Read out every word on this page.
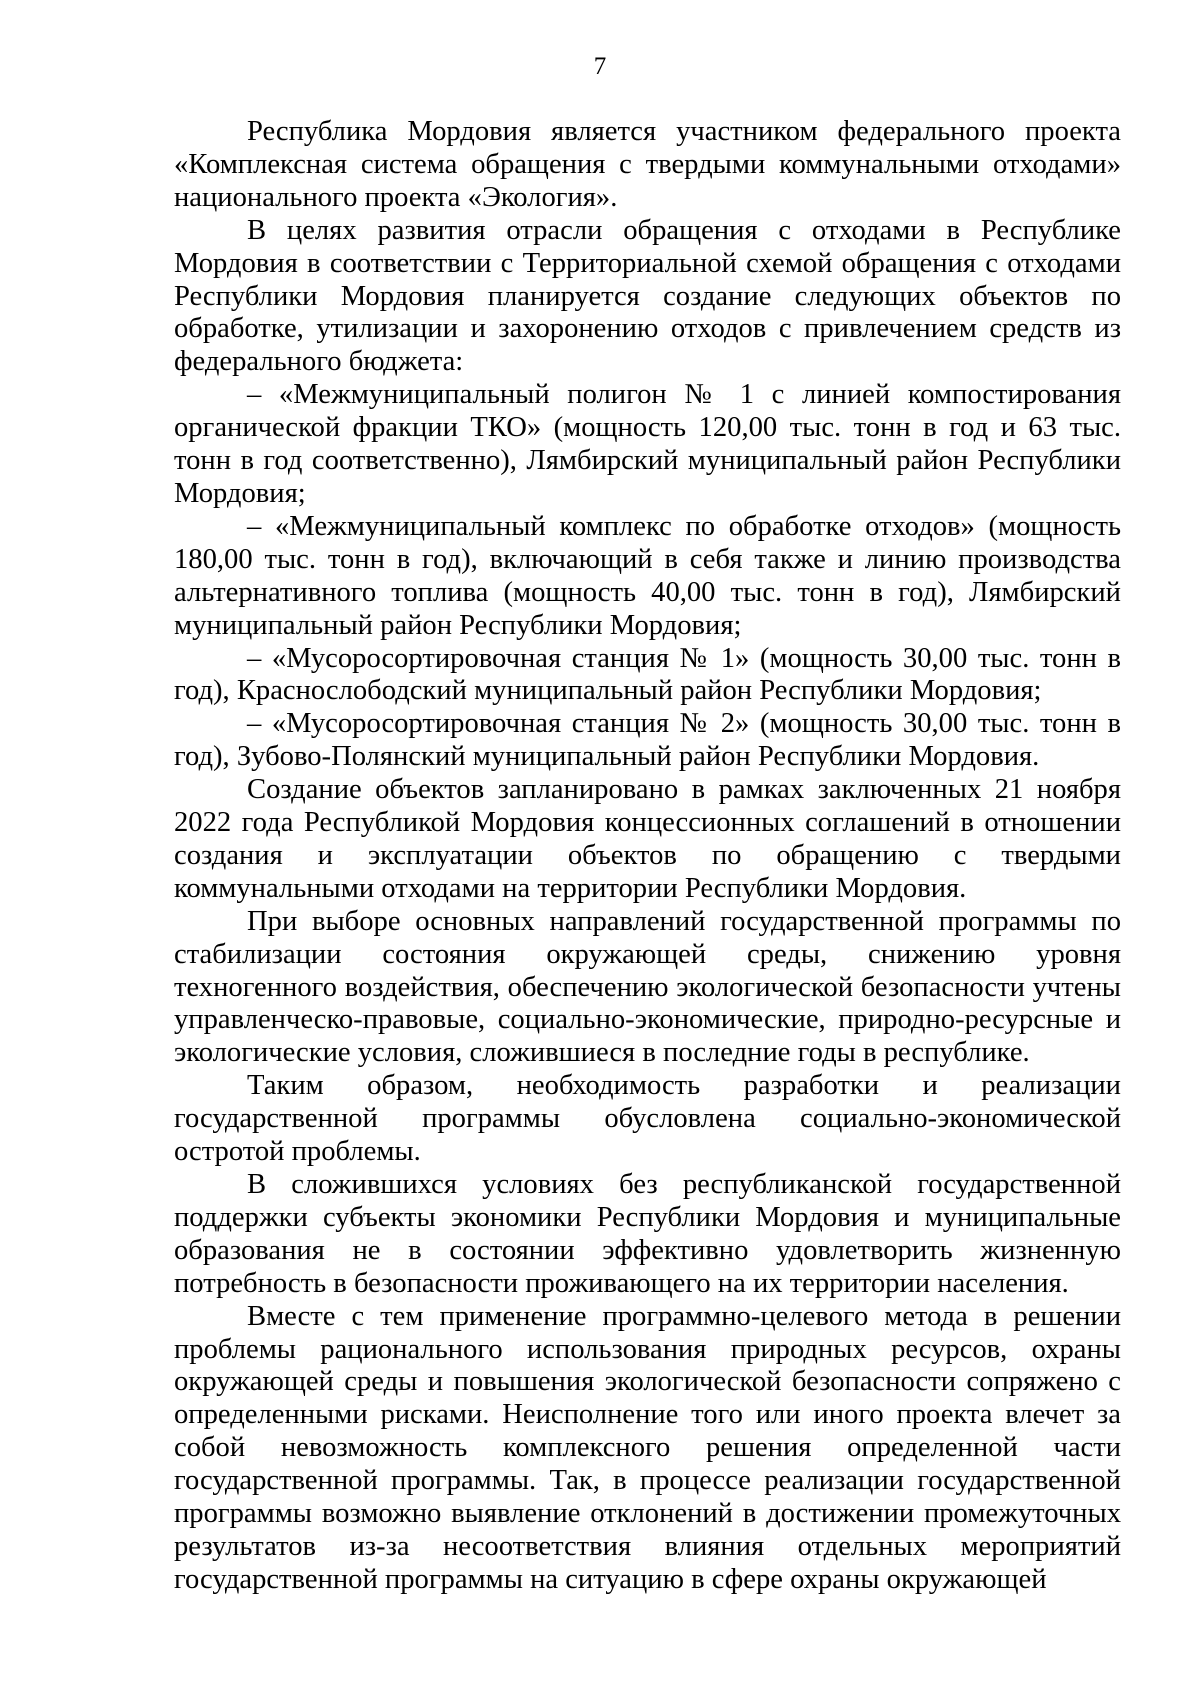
7

Республика Мордовия является участником федерального проекта «Комплексная система обращения с твердыми коммунальными отходами» национального проекта «Экология».

В целях развития отрасли обращения с отходами в Республике Мордовия в соответствии с Территориальной схемой обращения с отходами Республики Мордовия планируется создание следующих объектов по обработке, утилизации и захоронению отходов с привлечением средств из федерального бюджета:

– «Межмуниципальный полигон № 1 с линией компостирования органической фракции ТКО» (мощность 120,00 тыс. тонн в год и 63 тыс. тонн в год соответственно), Лямбирский муниципальный район Республики Мордовия;

– «Межмуниципальный комплекс по обработке отходов» (мощность 180,00 тыс. тонн в год), включающий в себя также и линию производства альтернативного топлива (мощность 40,00 тыс. тонн в год), Лямбирский муниципальный район Республики Мордовия;

– «Мусоросортировочная станция № 1» (мощность 30,00 тыс. тонн в год), Краснослободский муниципальный район Республики Мордовия;

– «Мусоросортировочная станция № 2» (мощность 30,00 тыс. тонн в год), Зубово-Полянский муниципальный район Республики Мордовия.

Создание объектов запланировано в рамках заключенных 21 ноября 2022 года Республикой Мордовия концессионных соглашений в отношении создания и эксплуатации объектов по обращению с твердыми коммунальными отходами на территории Республики Мордовия.

При выборе основных направлений государственной программы по стабилизации состояния окружающей среды, снижению уровня техногенного воздействия, обеспечению экологической безопасности учтены управленческо-правовые, социально-экономические, природно-ресурсные и экологические условия, сложившиеся в последние годы в республике.

Таким образом, необходимость разработки и реализации государственной программы обусловлена социально-экономической остротой проблемы.

В сложившихся условиях без республиканской государственной поддержки субъекты экономики Республики Мордовия и муниципальные образования не в состоянии эффективно удовлетворить жизненную потребность в безопасности проживающего на их территории населения.

Вместе с тем применение программно-целевого метода в решении проблемы рационального использования природных ресурсов, охраны окружающей среды и повышения экологической безопасности сопряжено с определенными рисками. Неисполнение того или иного проекта влечет за собой невозможность комплексного решения определенной части государственной программы. Так, в процессе реализации государственной программы возможно выявление отклонений в достижении промежуточных результатов из-за несоответствия влияния отдельных мероприятий государственной программы на ситуацию в сфере охраны окружающей
